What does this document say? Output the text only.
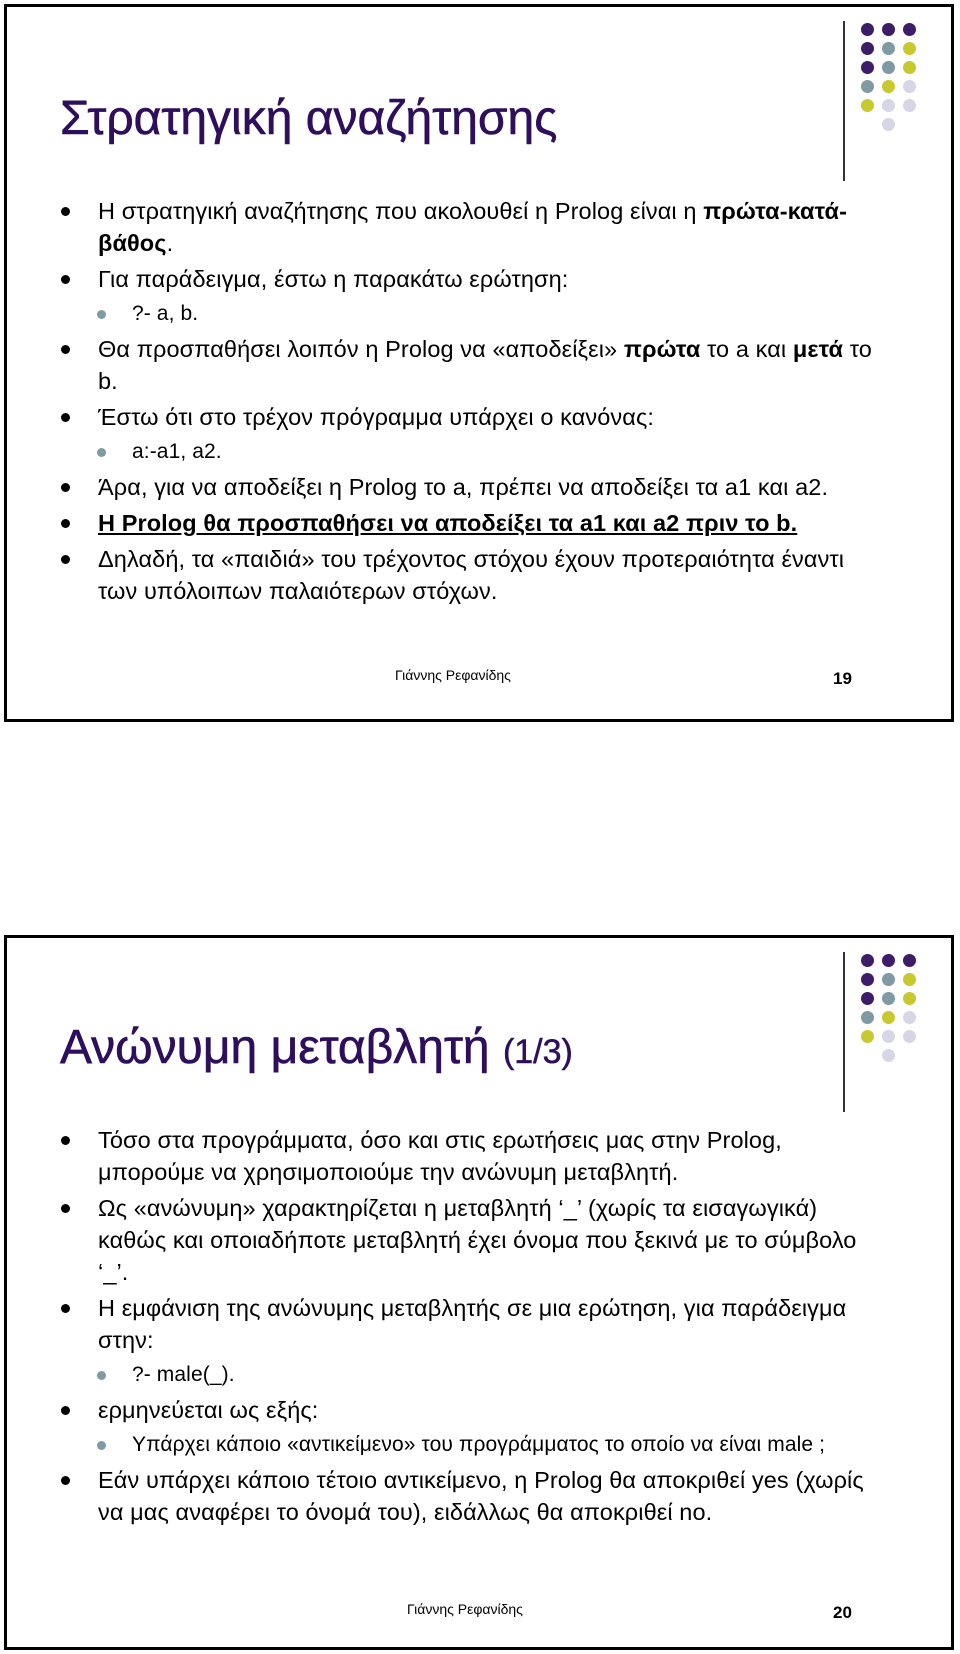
Στρατηγική αναζήτησης
Η στρατηγική αναζήτησης που ακολουθεί η Prolog είναι η πρώτα-κατά-βάθος.
Για παράδειγμα, έστω η παρακάτω ερώτηση:
?- a, b.
Θα προσπαθήσει λοιπόν η Prolog να «αποδείξει» πρώτα το a και μετά το b.
Έστω ότι στο τρέχον πρόγραμμα υπάρχει ο κανόνας:
a:-a1, a2.
Άρα, για να αποδείξει η Prolog το a, πρέπει να αποδείξει τα a1 και a2.
Η Prolog θα προσπαθήσει να αποδείξει τα a1 και a2 πριν το b.
Δηλαδή, τα «παιδιά» του τρέχοντος στόχου έχουν προτεραιότητα έναντι των υπόλοιπων παλαιότερων στόχων.
Γιάννης Ρεφανίδης	19
Ανώνυμη μεταβλητή (1/3)
Τόσο στα προγράμματα, όσο και στις ερωτήσεις μας στην Prolog, μπορούμε να χρησιμοποιούμε την ανώνυμη μεταβλητή.
Ως «ανώνυμη» χαρακτηρίζεται η μεταβλητή ‘_’ (χωρίς τα εισαγωγικά) καθώς και οποιαδήποτε μεταβλητή έχει όνομα που ξεκινά με το σύμβολο ‘_’.
Η εμφάνιση της ανώνυμης μεταβλητής σε μια ερώτηση, για παράδειγμα στην:
?- male(_).
ερμηνεύεται ως εξής:
Υπάρχει κάποιο «αντικείμενο» του προγράμματος το οποίο να είναι male ;
Εάν υπάρχει κάποιο τέτοιο αντικείμενο, η Prolog θα αποκριθεί yes (χωρίς να μας αναφέρει το όνομά του), ειδάλλως θα αποκριθεί no.
Γιάννης Ρεφανίδης	20
